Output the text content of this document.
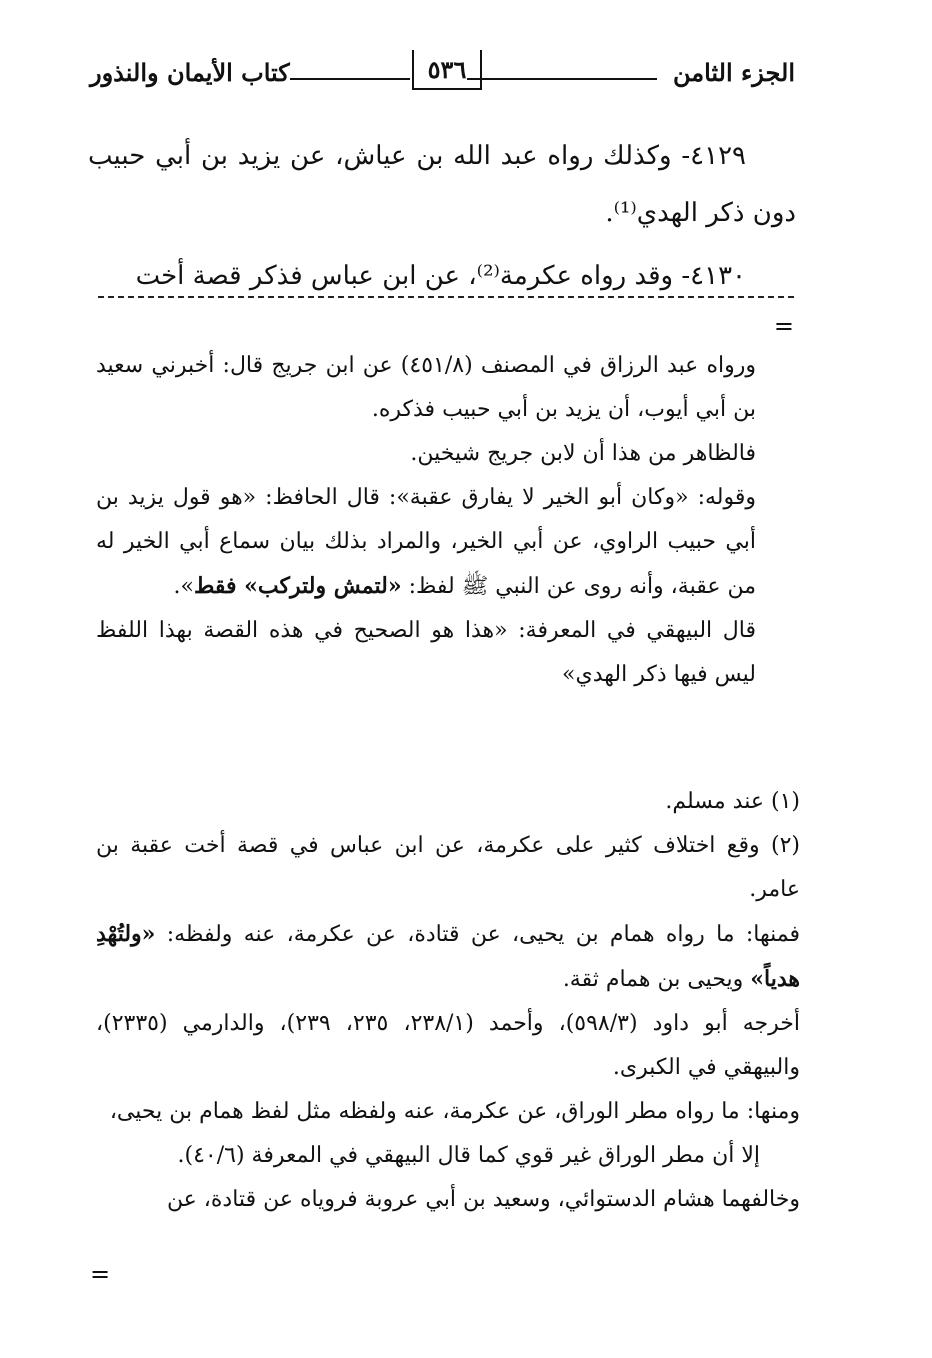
الجزء الثامن
٥٣٦
كتاب الأيمان والنذور

٤١٢٩- وكذلك رواه عبد الله بن عياش، عن يزيد بن أبي حبيب دون ذكر الهدي⁽¹⁾.

٤١٣٠- وقد رواه عكرمة⁽²⁾، عن ابن عباس فذكر قصة أخت

=

ورواه عبد الرزاق في المصنف (٤٥١/٨) عن ابن جريج قال: أخبرني سعيد بن أبي أيوب، أن يزيد بن أبي حبيب فذكره.

فالظاهر من هذا أن لابن جريج شيخين.

وقوله: «وكان أبو الخير لا يفارق عقبة»: قال الحافظ: «هو قول يزيد بن أبي حبيب الراوي، عن أبي الخير، والمراد بذلك بيان سماع أبي الخير له من عقبة، وأنه روى عن النبي ﷺ لفظ: «لتمش ولتركب» فقط».

قال البيهقي في المعرفة: «هذا هو الصحيح في هذه القصة بهذا اللفظ ليس فيها ذكر الهدي»

(١) عند مسلم.

(٢) وقع اختلاف كثير على عكرمة، عن ابن عباس في قصة أخت عقبة بن عامر.

فمنها: ما رواه همام بن يحيى، عن قتادة، عن عكرمة، عنه ولفظه: «ولتُهْدِ هدياً» ويحيى بن همام ثقة.

أخرجه أبو داود (٥٩٨/٣)، وأحمد (٢٣٨/١، ٢٣٥، ٢٣٩)، والدارمي (٢٣٣٥)، والبيهقي في الكبرى.

ومنها: ما رواه مطر الوراق، عن عكرمة، عنه ولفظه مثل لفظ همام بن يحيى،

إلا أن مطر الوراق غير قوي كما قال البيهقي في المعرفة (٤٠/٦).

وخالفهما هشام الدستوائي، وسعيد بن أبي عروبة فروياه عن قتادة، عن

=
